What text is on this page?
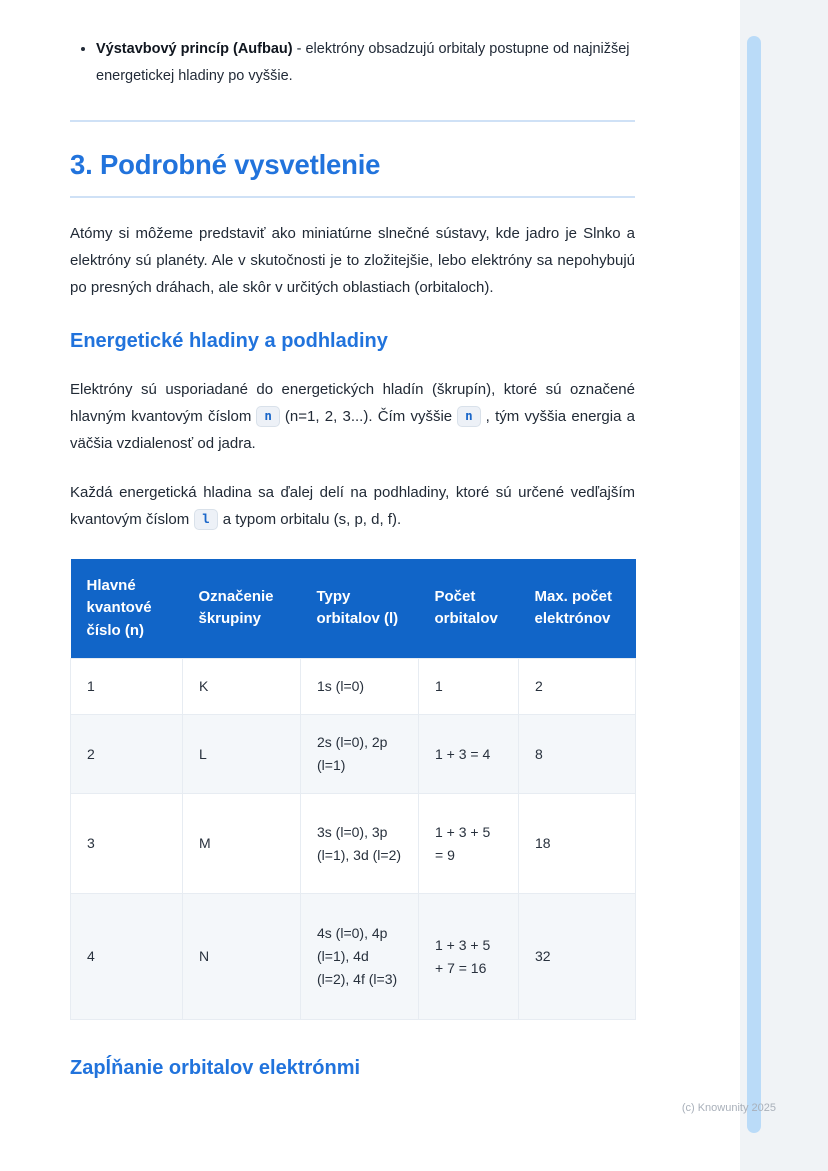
• Výstavbový princíp (Aufbau) - elektróny obsadzujú orbitaly postupne od najnižšej energetickej hladiny po vyššie.
3. Podrobné vysvetlenie

Atómy si môžeme predstaviť ako miniatúrne slnečné sústavy, kde jadro je Slnko a elektróny sú planéty. Ale v skutočnosti je to zložitejšie, lebo elektróny sa nepohybujú po presných dráhach, ale skôr v určitých oblastiach (orbitaloch).

Energetické hladiny a podhladiny

Elektróny sú usporiadané do energetických hladín (škrupín), ktoré sú označené hlavným kvantovým číslom n (n=1, 2, 3...). Čím vyššie n , tým vyššia energia a väčšia vzdialenosť od jadra.

Každá energetická hladina sa ďalej delí na podhladiny, ktoré sú určené vedľajším kvantovým číslom l a typom orbitalu (s, p, d, f).

Hlavné kvantové číslo (n)	Označenie škrupiny	Typy orbitalov (l)	Počet orbitalov	Max. počet elektrónov
1	K	1s (l=0)	1	2
2	L	2s (l=0), 2p (l=1)	1 + 3 = 4	8
3	M	3s (l=0), 3p (l=1), 3d (l=2)	1 + 3 + 5 = 9	18
4	N	4s (l=0), 4p (l=1), 4d (l=2), 4f (l=3)	1 + 3 + 5 + 7 = 16	32
Zapĺňanie orbitalov elektrónmi
(c) Knowunity 2025
